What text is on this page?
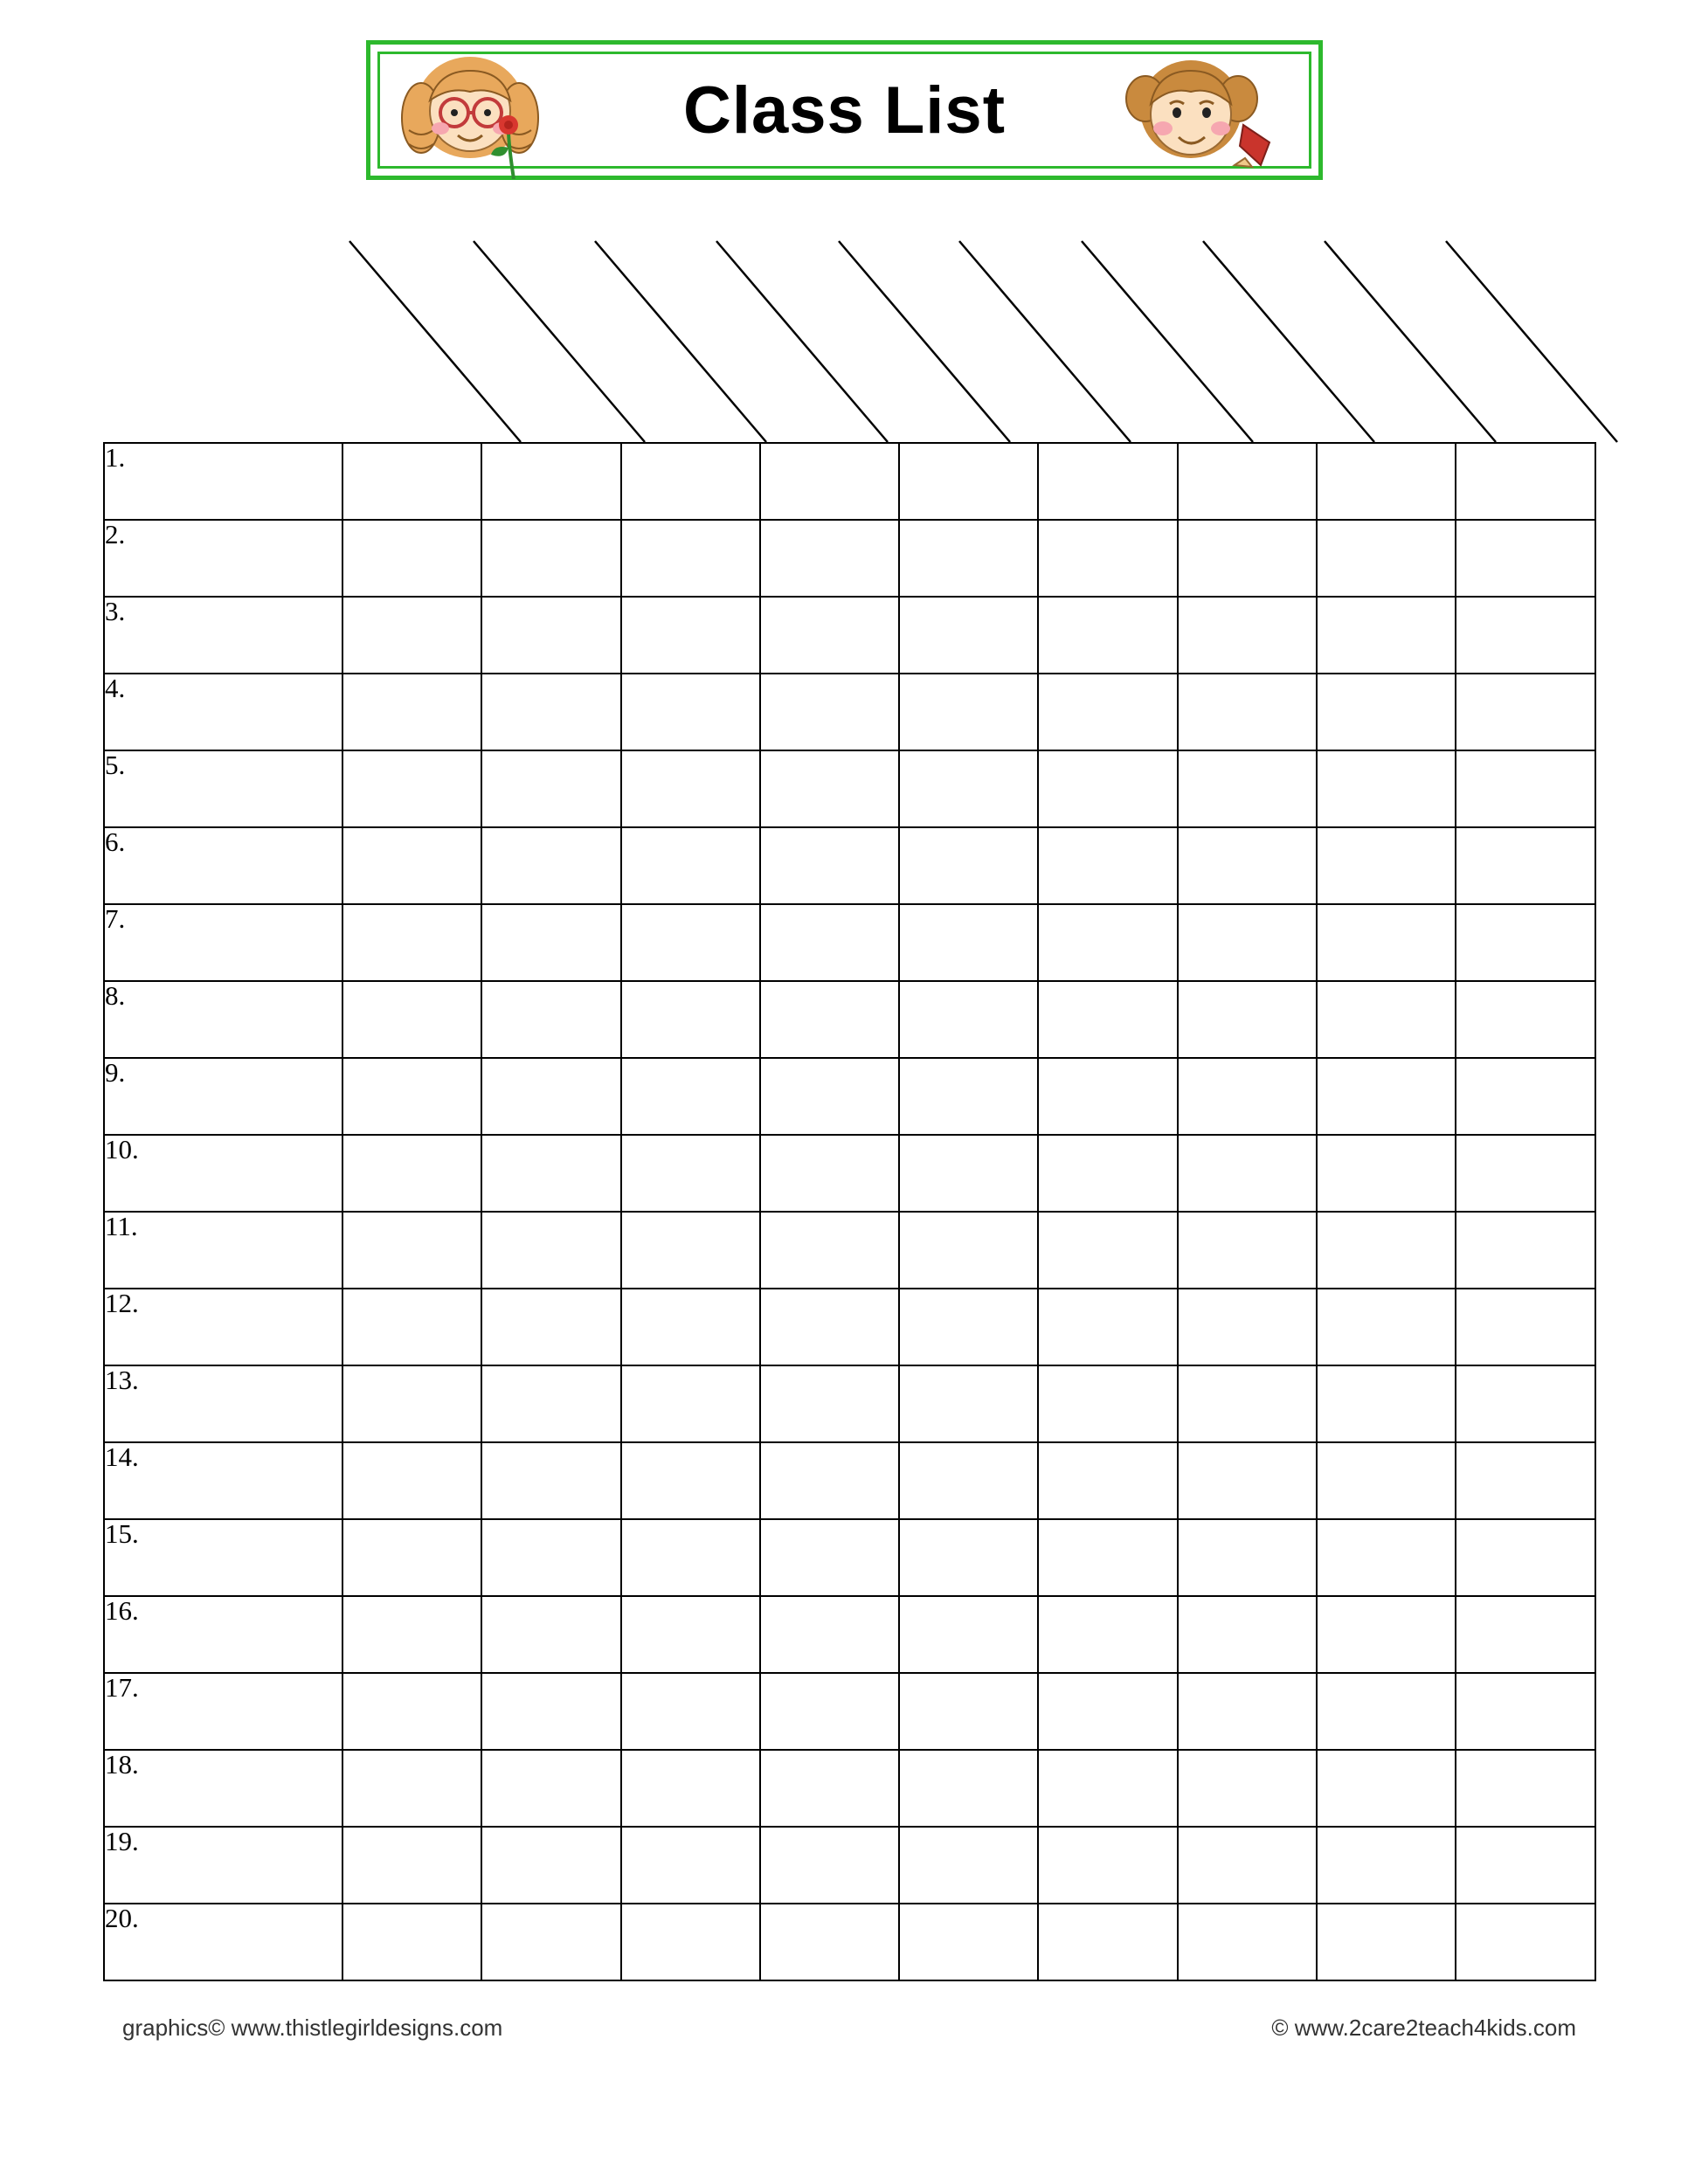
Class List
1.									
2.									
3.									
4.									
5.									
6.									
7.									
8.									
9.									
10.									
11.									
12.									
13.									
14.									
15.									
16.									
17.									
18.									
19.									
20.									
graphics© www.thistlegirldesigns.com	© www.2care2teach4kids.com
